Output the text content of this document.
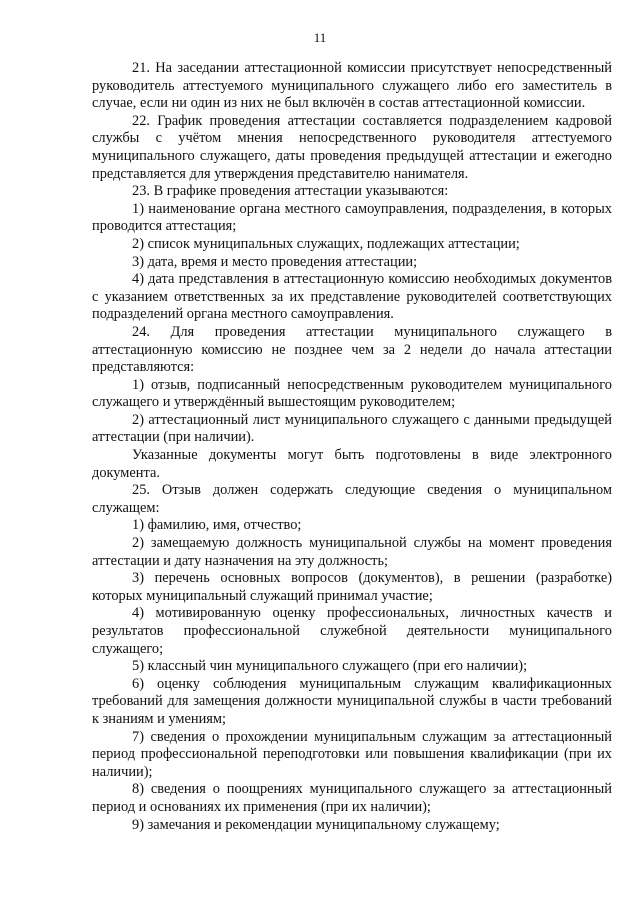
11

21. На заседании аттестационной комиссии присутствует непосредственный руководитель аттестуемого муниципального служащего либо его заместитель в случае, если ни один из них не был включён в состав аттестационной комиссии.

22. График проведения аттестации составляется подразделением кадровой службы с учётом мнения непосредственного руководителя аттестуемого муниципального служащего, даты проведения предыдущей аттестации и ежегодно представляется для утверждения представителю нанимателя.

23. В графике проведения аттестации указываются:

1) наименование органа местного самоуправления, подразделения, в которых проводится аттестация;

2) список муниципальных служащих, подлежащих аттестации;

3) дата, время и место проведения аттестации;

4) дата представления в аттестационную комиссию необходимых документов с указанием ответственных за их представление руководителей соответствующих подразделений органа местного самоуправления.

24. Для проведения аттестации муниципального служащего в аттестационную комиссию не позднее чем за 2 недели до начала аттестации представляются:

1) отзыв, подписанный непосредственным руководителем муниципального служащего и утверждённый вышестоящим руководителем;

2) аттестационный лист муниципального служащего с данными предыдущей аттестации (при наличии).

Указанные документы могут быть подготовлены в виде электронного документа.

25. Отзыв должен содержать следующие сведения о муниципальном служащем:

1) фамилию, имя, отчество;

2) замещаемую должность муниципальной службы на момент проведения аттестации и дату назначения на эту должность;

3) перечень основных вопросов (документов), в решении (разработке) которых муниципальный служащий принимал участие;

4) мотивированную оценку профессиональных, личностных качеств и результатов профессиональной служебной деятельности муниципального служащего;

5) классный чин муниципального служащего (при его наличии);

6) оценку соблюдения муниципальным служащим квалификационных требований для замещения должности муниципальной службы в части требований к знаниям и умениям;

7) сведения о прохождении муниципальным служащим за аттестационный период профессиональной переподготовки или повышения квалификации (при их наличии);

8) сведения о поощрениях муниципального служащего за аттестационный период и основаниях их применения (при их наличии);

9) замечания и рекомендации муниципальному служащему;
